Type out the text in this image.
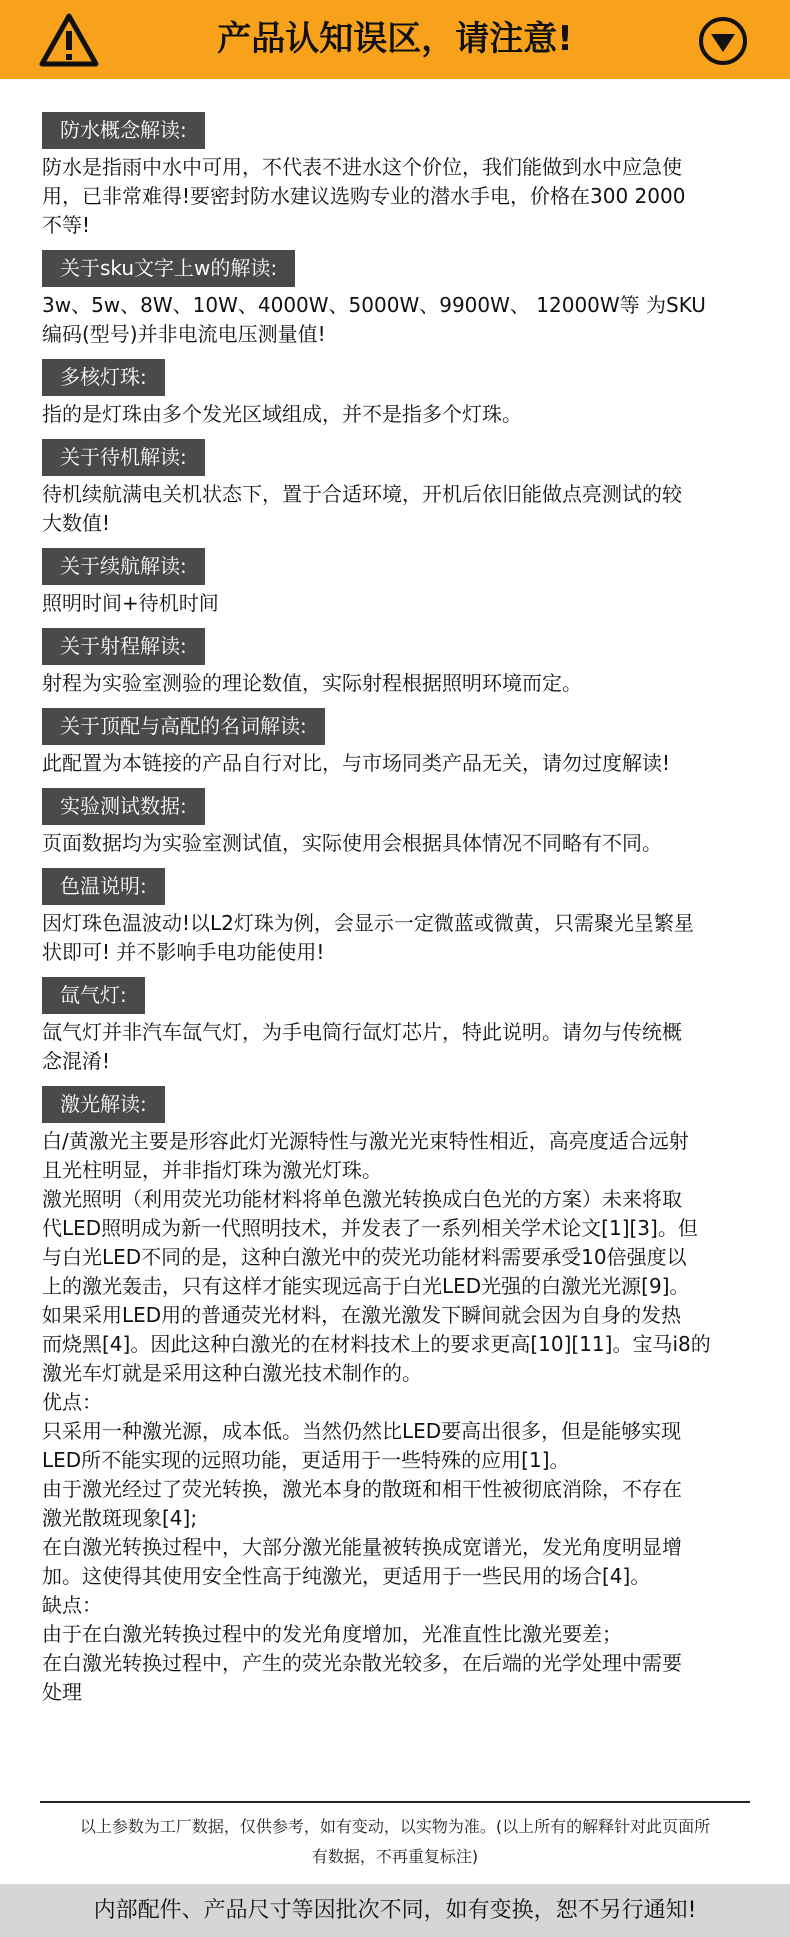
产品认知误区，请注意!
防水概念解读:
防水是指雨中水中可用，不代表不进水这个价位，我们能做到水中应急使
用，已非常难得!要密封防水建议选购专业的潜水手电，价格在300 2000
不等!
关于sku文字上w的解读:
3w、5w、8W、10W、4000W、5000W、9900W、 12000W等 为SKU
编码(型号)并非电流电压测量值!
多核灯珠:
指的是灯珠由多个发光区域组成，并不是指多个灯珠。
关于待机解读:
待机续航满电关机状态下，置于合适环境，开机后依旧能做点亮测试的较
大数值!
关于续航解读:
照明时间+待机时间
关于射程解读:
射程为实验室测验的理论数值，实际射程根据照明环境而定。
关于顶配与高配的名词解读:
此配置为本链接的产品自行对比，与市场同类产品无关，请勿过度解读!
实验测试数据:
页面数据均为实验室测试值，实际使用会根据具体情况不同略有不同。
色温说明:
因灯珠色温波动!以L2灯珠为例，会显示一定微蓝或微黄，只需聚光呈繁星
状即可! 并不影响手电功能使用!
氙气灯:
氙气灯并非汽车氙气灯，为手电筒行氙灯芯片，特此说明。请勿与传统概
念混淆!
激光解读:
白/黄激光主要是形容此灯光源特性与激光光束特性相近，高亮度适合远射
且光柱明显，并非指灯珠为激光灯珠。
激光照明（利用荧光功能材料将单色激光转换成白色光的方案）未来将取
代LED照明成为新一代照明技术，并发表了一系列相关学术论文[1][3]。但
与白光LED不同的是，这种白激光中的荧光功能材料需要承受10倍强度以
上的激光轰击，只有这样才能实现远高于白光LED光强的白激光光源[9]。
如果采用LED用的普通荧光材料，在激光激发下瞬间就会因为自身的发热
而烧黑[4]。因此这种白激光的在材料技术上的要求更高[10][11]。宝马i8的
激光车灯就是采用这种白激光技术制作的。
优点：
只采用一种激光源，成本低。当然仍然比LED要高出很多，但是能够实现
LED所不能实现的远照功能，更适用于一些特殊的应用[1]。
由于激光经过了荧光转换，激光本身的散斑和相干性被彻底消除，不存在
激光散斑现象[4];
在白激光转换过程中，大部分激光能量被转换成宽谱光，发光角度明显增
加。这使得其使用安全性高于纯激光，更适用于一些民用的场合[4]。
缺点：
由于在白激光转换过程中的发光角度增加，光准直性比激光要差；
在白激光转换过程中，产生的荧光杂散光较多，在后端的光学处理中需要
处理
以上参数为工厂数据，仅供参考，如有变动，以实物为准。(以上所有的解释针对此页面所
有数据，不再重复标注)
内部配件、产品尺寸等因批次不同，如有变换，恕不另行通知!
